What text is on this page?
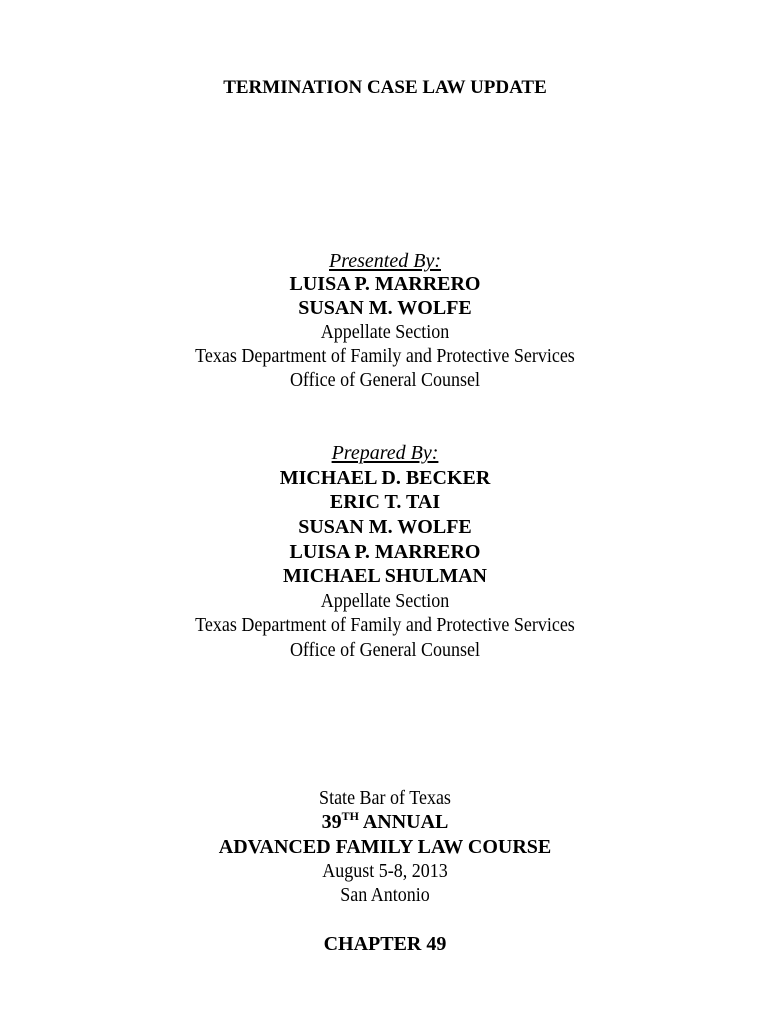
TERMINATION CASE LAW UPDATE
Presented By:
LUISA P. MARRERO
SUSAN M. WOLFE
Appellate Section
Texas Department of Family and Protective Services
Office of General Counsel
Prepared By:
MICHAEL D. BECKER
ERIC T. TAI
SUSAN M. WOLFE
LUISA P. MARRERO
MICHAEL SHULMAN
Appellate Section
Texas Department of Family and Protective Services
Office of General Counsel
State Bar of Texas
39TH ANNUAL
ADVANCED FAMILY LAW COURSE
August 5-8, 2013
San Antonio
CHAPTER 49
